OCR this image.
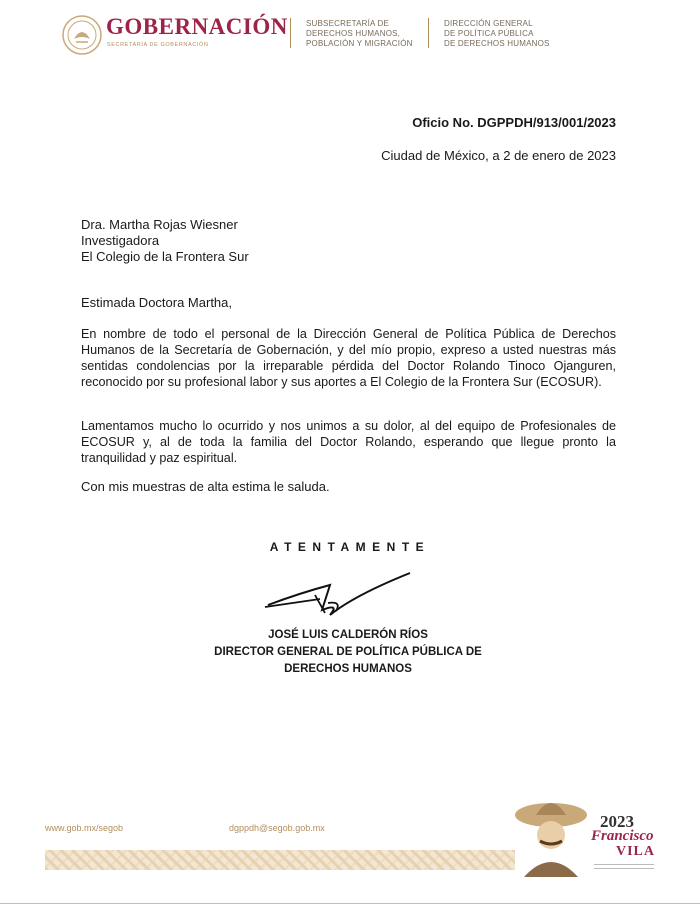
GOBERNACIÓN
SECRETARÍA DE GOBERNACIÓN
SUBSECRETARÍA DE
DERECHOS HUMANOS,
POBLACIÓN Y MIGRACIÓN
DIRECCIÓN GENERAL
DE POLÍTICA PÚBLICA
DE DERECHOS HUMANOS
Oficio No. DGPPDH/913/001/2023
Ciudad de México, a 2 de enero de 2023
Dra. Martha Rojas Wiesner
Investigadora
El Colegio de la Frontera Sur
Estimada Doctora Martha,
En nombre de todo el personal de la Dirección General de Política Pública de Derechos Humanos de la Secretaría de Gobernación, y del mío propio, expreso a usted nuestras más sentidas condolencias por la irreparable pérdida del Doctor Rolando Tinoco Ojanguren, reconocido por su profesional labor y sus aportes a El Colegio de la Frontera Sur (ECOSUR).
Lamentamos mucho lo ocurrido y nos unimos a su dolor, al del equipo de Profesionales de ECOSUR y, al de toda la familia del Doctor Rolando, esperando que llegue pronto la tranquilidad y paz espiritual.
Con mis muestras de alta estima le saluda.
ATENTAMENTE
JOSÉ LUIS CALDERÓN RÍOS
DIRECTOR GENERAL DE POLÍTICA PÚBLICA DE
DERECHOS HUMANOS
www.gob.mx/segob	dgppdh@segob.gob.mx	2023
Francisco
VILA
